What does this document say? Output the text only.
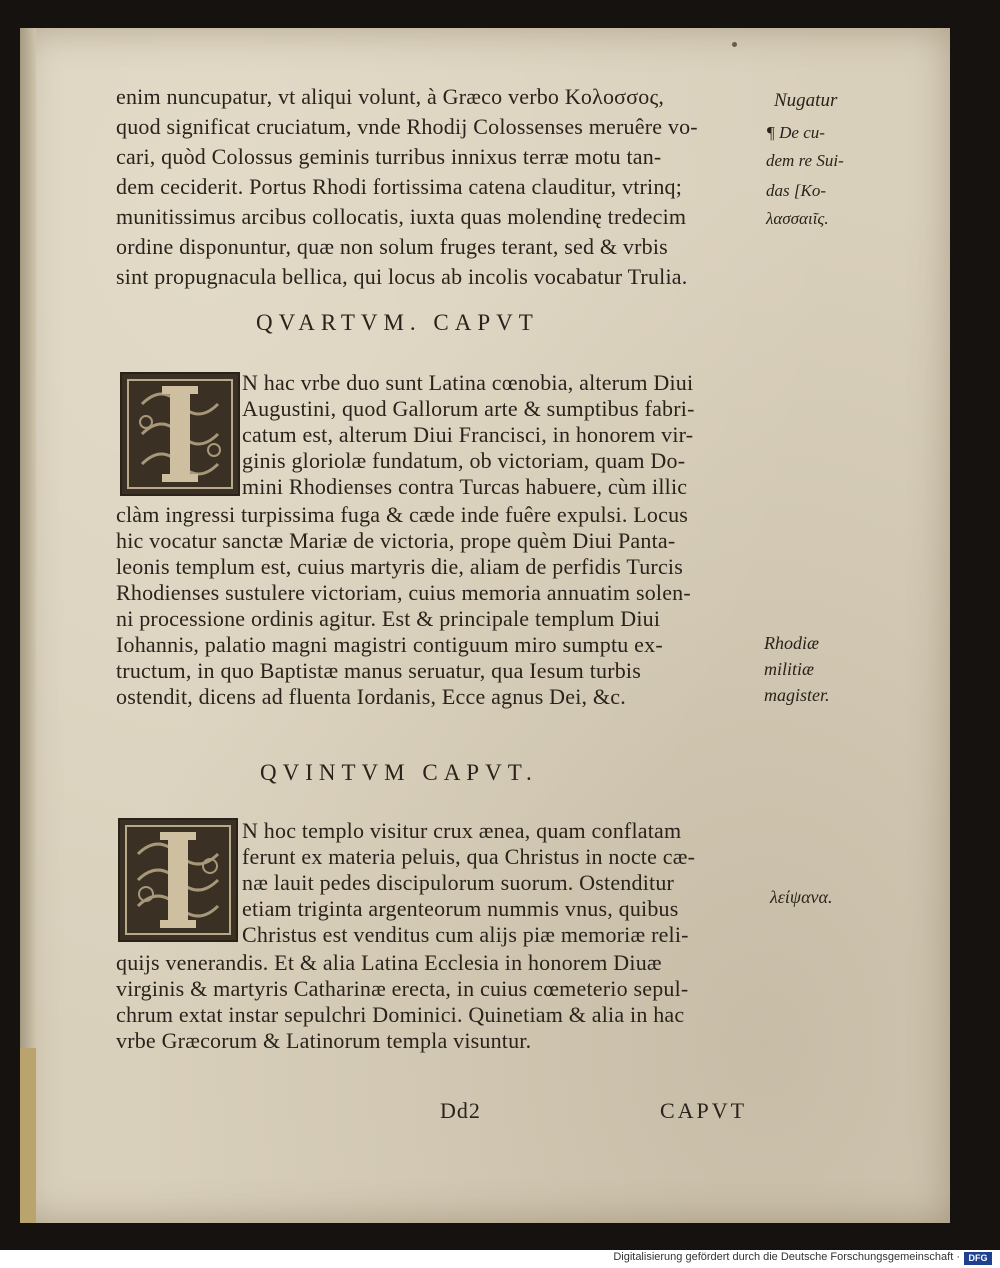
enim nuncupatur, vt aliqui volunt, à Græco verbo Κολοσσος,

quod significat cruciatum, vnde Rhodij Colossenses meruêre vo-

cari, quòd Colossus geminis turribus innixus terræ motu tan-

dem ceciderit. Portus Rhodi fortissima catena clauditur, vtrinq;

munitissimus arcibus collocatis, iuxta quas molendinę tredecim

ordine disponuntur, quæ non solum fruges terant, sed & vrbis

sint propugnacula bellica, qui locus ab incolis vocabatur Trulia.

Nugatur

¶ De cu-

dem re Sui-

das [Ko-

λασσαιῖς.

QVARTVM. CAPVT

N hac vrbe duo sunt Latina cœnobia, alterum Diui

Augustini, quod Gallorum arte & sumptibus fabri-

catum est, alterum Diui Francisci, in honorem vir-

ginis gloriolæ fundatum, ob victoriam, quam Do-

mini Rhodienses contra Turcas habuere, cùm illic

clàm ingressi turpissima fuga & cæde inde fuêre expulsi. Locus

hic vocatur sanctæ Mariæ de victoria, prope quèm Diui Panta-

leonis templum est, cuius martyris die, aliam de perfidis Turcis

Rhodienses sustulere victoriam, cuius memoria annuatim solen-

ni processione ordinis agitur. Est & principale templum Diui

Iohannis, palatio magni magistri contiguum miro sumptu ex-

tructum, in quo Baptistæ manus seruatur, qua Iesum turbis

ostendit, dicens ad fluenta Iordanis, Ecce agnus Dei, &c.

Rhodiæ

militiæ

magister.

QVINTVM CAPVT.

N hoc templo visitur crux ænea, quam conflatam

ferunt ex materia peluis, qua Christus in nocte cæ-

næ lauit pedes discipulorum suorum. Ostenditur

etiam triginta argenteorum nummis vnus, quibus

Christus est venditus cum alijs piæ memoriæ reli-

quijs venerandis. Et & alia Latina Ecclesia in honorem Diuæ

virginis & martyris Catharinæ erecta, in cuius cœmeterio sepul-

chrum extat instar sepulchri Dominici. Quinetiam & alia in hac

vrbe Græcorum & Latinorum templa visuntur.

λείψανα.

Dd2	CAPVT

Digitalisierung gefördert durch die Deutsche Forschungsgemeinschaft · DFG
